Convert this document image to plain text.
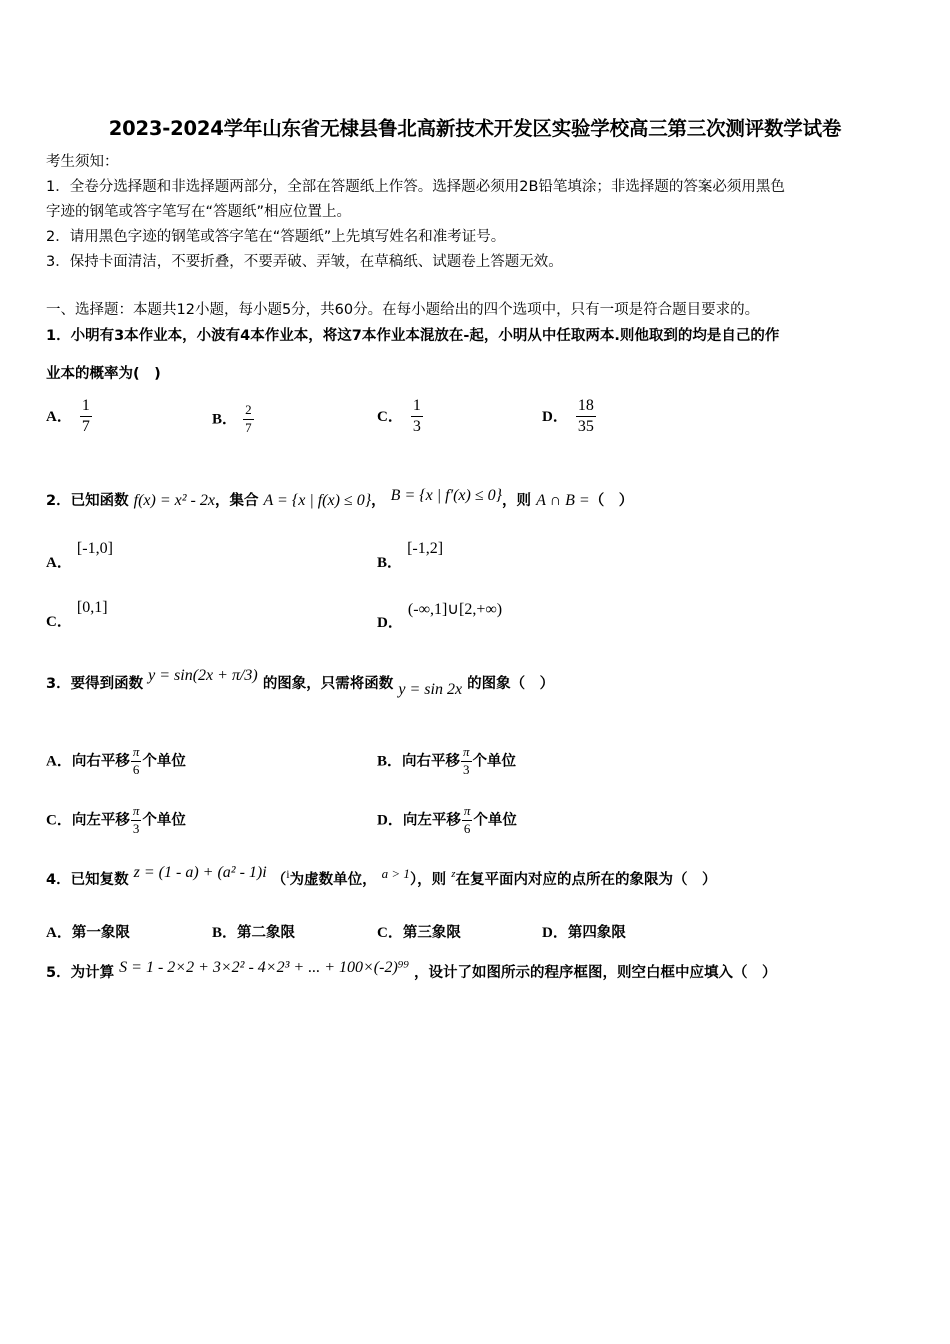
2023-2024学年山东省无棣县鲁北高新技术开发区实验学校高三第三次测评数学试卷
考生须知：
1．全卷分选择题和非选择题两部分，全部在答题纸上作答。选择题必须用2B铅笔填涂；非选择题的答案必须用黑色
字迹的钢笔或答字笔写在“答题纸”相应位置上。
2．请用黑色字迹的钢笔或答字笔在“答题纸”上先填写姓名和准考证号。
3．保持卡面清洁，不要折叠，不要弄破、弄皱，在草稿纸、试题卷上答题无效。
一、选择题：本题共12小题，每小题5分，共60分。在每小题给出的四个选项中，只有一项是符合题目要求的。
1．小明有3本作业本，小波有4本作业本，将这7本作业本混放在-起，小明从中任取两本.则他取到的均是自己的作
业本的概率为(　)
A． $\frac{1}{7}$	B． $\frac{2}{7}$	C． $\frac{1}{3}$	D． $\frac{18}{35}$
2．已知函数 f(x) = x² - 2x，集合 A = {x | f(x) ≤ 0}， B = {x | f′(x) ≤ 0}，则 A ∩ B =（　）
A． [-1,0]
B． [-1,2]
C． [0,1]
D． (-∞,1]∪[2,+∞)
3．要得到函数 y = sin(2x + π/3) 的图象，只需将函数 y = sin 2x 的图象（　）
A．向右平移 $\frac{\pi}{6}$ 个单位	B．向右平移 $\frac{\pi}{3}$ 个单位
C．向左平移 $\frac{\pi}{3}$ 个单位	D．向左平移 $\frac{\pi}{6}$ 个单位
4．已知复数 z = (1 - a) + (a² - 1)i （i为虚数单位， a > 1），则 z在复平面内对应的点所在的象限为（　）
A．第一象限	B．第二象限	C．第三象限	D．第四象限
5．为计算 S = 1 - 2×2 + 3×2² - 4×2³ + ... + 100×(-2)⁹⁹ ，设计了如图所示的程序框图，则空白框中应填入（　）
